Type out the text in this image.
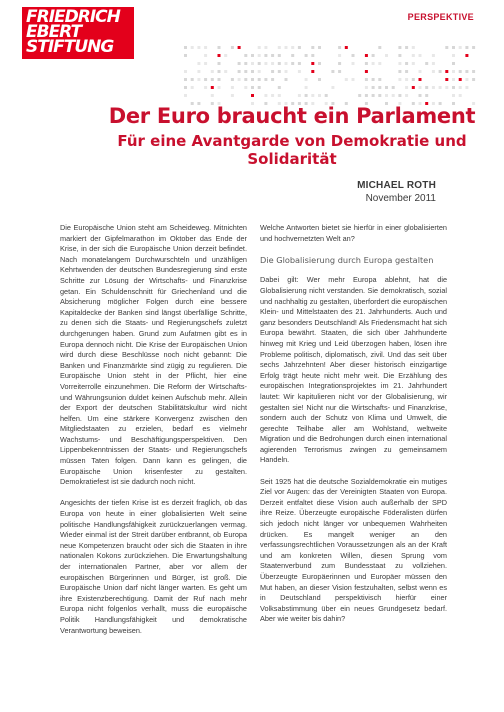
FRIEDRICH
EBERT
STIFTUNG
PERSPEKTIVE
Der Euro braucht ein Parlament
Für eine Avantgarde von Demokratie und Solidarität
MICHAEL ROTH
November 2011

Die Europäische Union steht am Scheideweg. Mitnichten markiert der Gipfelmarathon im Oktober das Ende der Krise, in der sich die Europäische Union derzeit befindet. Nach monatelangem Durchwurschteln und unzähligen Kehrtwenden der deutschen Bundesregierung sind erste Schritte zur Lösung der Wirtschafts- und Finanzkrise getan. Ein Schuldenschnitt für Griechenland und die Absicherung möglicher Folgen durch eine bessere Kapitaldecke der Banken sind längst überfällige Schritte, zu denen sich die Staats- und Regierungschefs zuletzt durchgerungen haben. Grund zum Aufatmen gibt es in Europa dennoch nicht. Die Krise der Europäischen Union wird durch diese Beschlüsse noch nicht gebannt: Die Banken und Finanzmärkte sind zügig zu regulieren. Die Europäische Union steht in der Pflicht, hier eine Vorreiterrolle einzunehmen. Die Reform der Wirtschafts- und Währungsunion duldet keinen Aufschub mehr. Allein der Export der deutschen Stabilitätskultur wird nicht helfen. Um eine stärkere Konvergenz zwischen den Mitgliedstaaten zu erzielen, bedarf es vielmehr Wachstums- und Beschäftigungsperspektiven. Den Lippenbekenntnissen der Staats- und Regierungschefs müssen Taten folgen. Dann kann es gelingen, die Europäische Union krisenfester zu gestalten. Demokratiefest ist sie dadurch noch nicht.

Angesichts der tiefen Krise ist es derzeit fraglich, ob das Europa von heute in einer globalisierten Welt seine politische Handlungsfähigkeit zurückzuerlangen vermag. Wieder einmal ist der Streit darüber entbrannt, ob Europa neue Kompetenzen braucht oder sich die Staaten in ihre nationalen Kokons zurückziehen. Die Erwartungshaltung der internationalen Partner, aber vor allem der europäischen Bürgerinnen und Bürger, ist groß. Die Europäische Union darf nicht länger warten. Es geht um ihre Existenzberechtigung. Damit der Ruf nach mehr Europa nicht folgenlos verhallt, muss die europäische Politik Handlungsfähigkeit und demokratische Verantwortung beweisen.

Welche Antworten bietet sie hierfür in einer globalisierten und hochvernetzten Welt an?

Die Globalisierung durch Europa gestalten

Dabei gilt: Wer mehr Europa ablehnt, hat die Globalisierung nicht verstanden. Sie demokratisch, sozial und nachhaltig zu gestalten, überfordert die europäischen Klein- und Mittelstaaten des 21. Jahrhunderts. Auch und ganz besonders Deutschland! Als Friedensmacht hat sich Europa bewährt. Staaten, die sich über Jahrhunderte hinweg mit Krieg und Leid überzogen haben, lösen ihre Probleme politisch, diplomatisch, zivil. Und das seit über sechs Jahrzehnten! Aber dieser historisch einzigartige Erfolg trägt heute nicht mehr weit. Die Erzählung des europäischen Integrationsprojektes im 21. Jahrhundert lautet: Wir kapitulieren nicht vor der Globalisierung, wir gestalten sie! Nicht nur die Wirtschafts- und Finanzkrise, sondern auch der Schutz von Klima und Umwelt, die gerechte Teilhabe aller am Wohlstand, weltweite Migration und die Bedrohungen durch einen international agierenden Terrorismus zwingen zu gemeinsamem Handeln.

Seit 1925 hat die deutsche Sozialdemokratie ein mutiges Ziel vor Augen: das der Vereinigten Staaten von Europa. Derzeit entfaltet diese Vision auch außerhalb der SPD ihre Reize. Überzeugte europäische Föderalisten dürfen sich jedoch nicht länger vor unbequemen Wahrheiten drücken. Es mangelt weniger an den verfassungsrechtlichen Voraussetzungen als an der Kraft und am konkreten Willen, diesen Sprung vom Staatenverbund zum Bundesstaat zu vollziehen. Überzeugte Europäerinnen und Europäer müssen den Mut haben, an dieser Vision festzuhalten, selbst wenn es in Deutschland perspektivisch hierfür einer Volksabstimmung über ein neues Grundgesetz bedarf. Aber wie weiter bis dahin?
